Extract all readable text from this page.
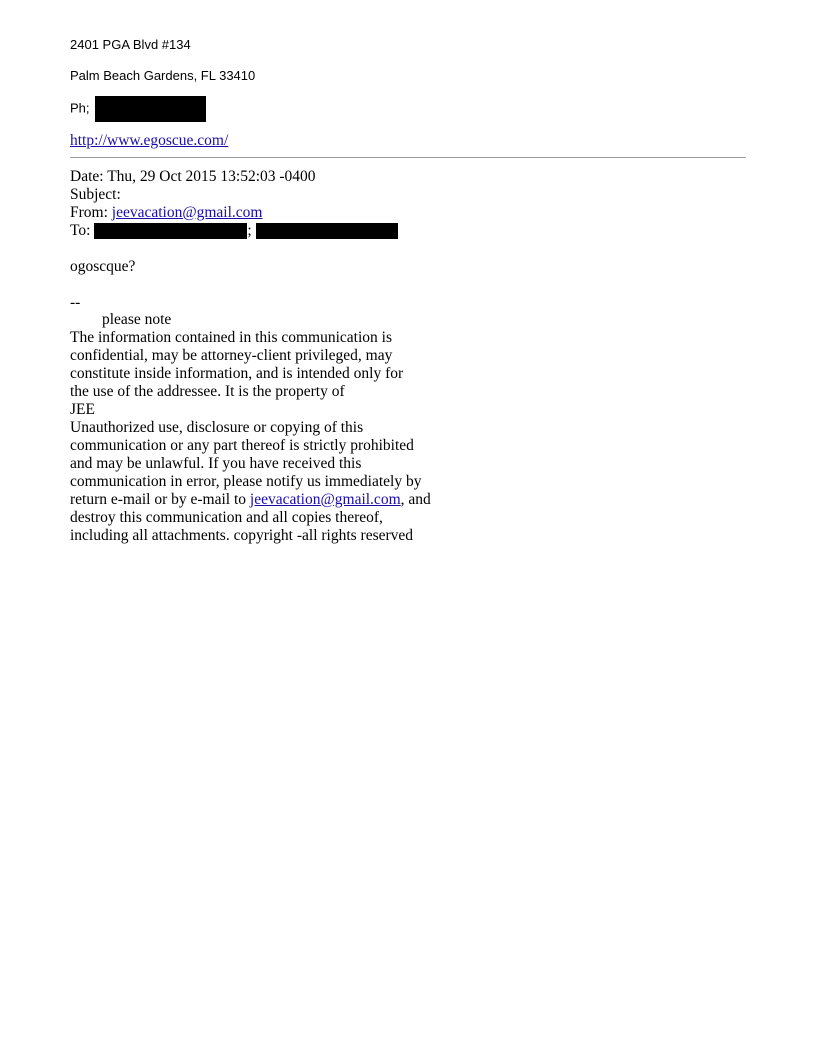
2401 PGA Blvd #134
Palm Beach Gardens, FL 33410
Ph;
http://www.egoscue.com/
Date: Thu, 29 Oct 2015 13:52:03 -0400
Subject:
From: jeevacation@gmail.com
To:	;
ogoscque?
--
please note
The information contained in this communication is
confidential, may be attorney-client privileged, may
constitute inside information, and is intended only for
the use of the addressee. It is the property of
JEE
Unauthorized use, disclosure or copying of this
communication or any part thereof is strictly prohibited
and may be unlawful. If you have received this
communication in error, please notify us immediately by
return e-mail or by e-mail to jeevacation@gmail.com, and
destroy this communication and all copies thereof,
including all attachments. copyright -all rights reserved
